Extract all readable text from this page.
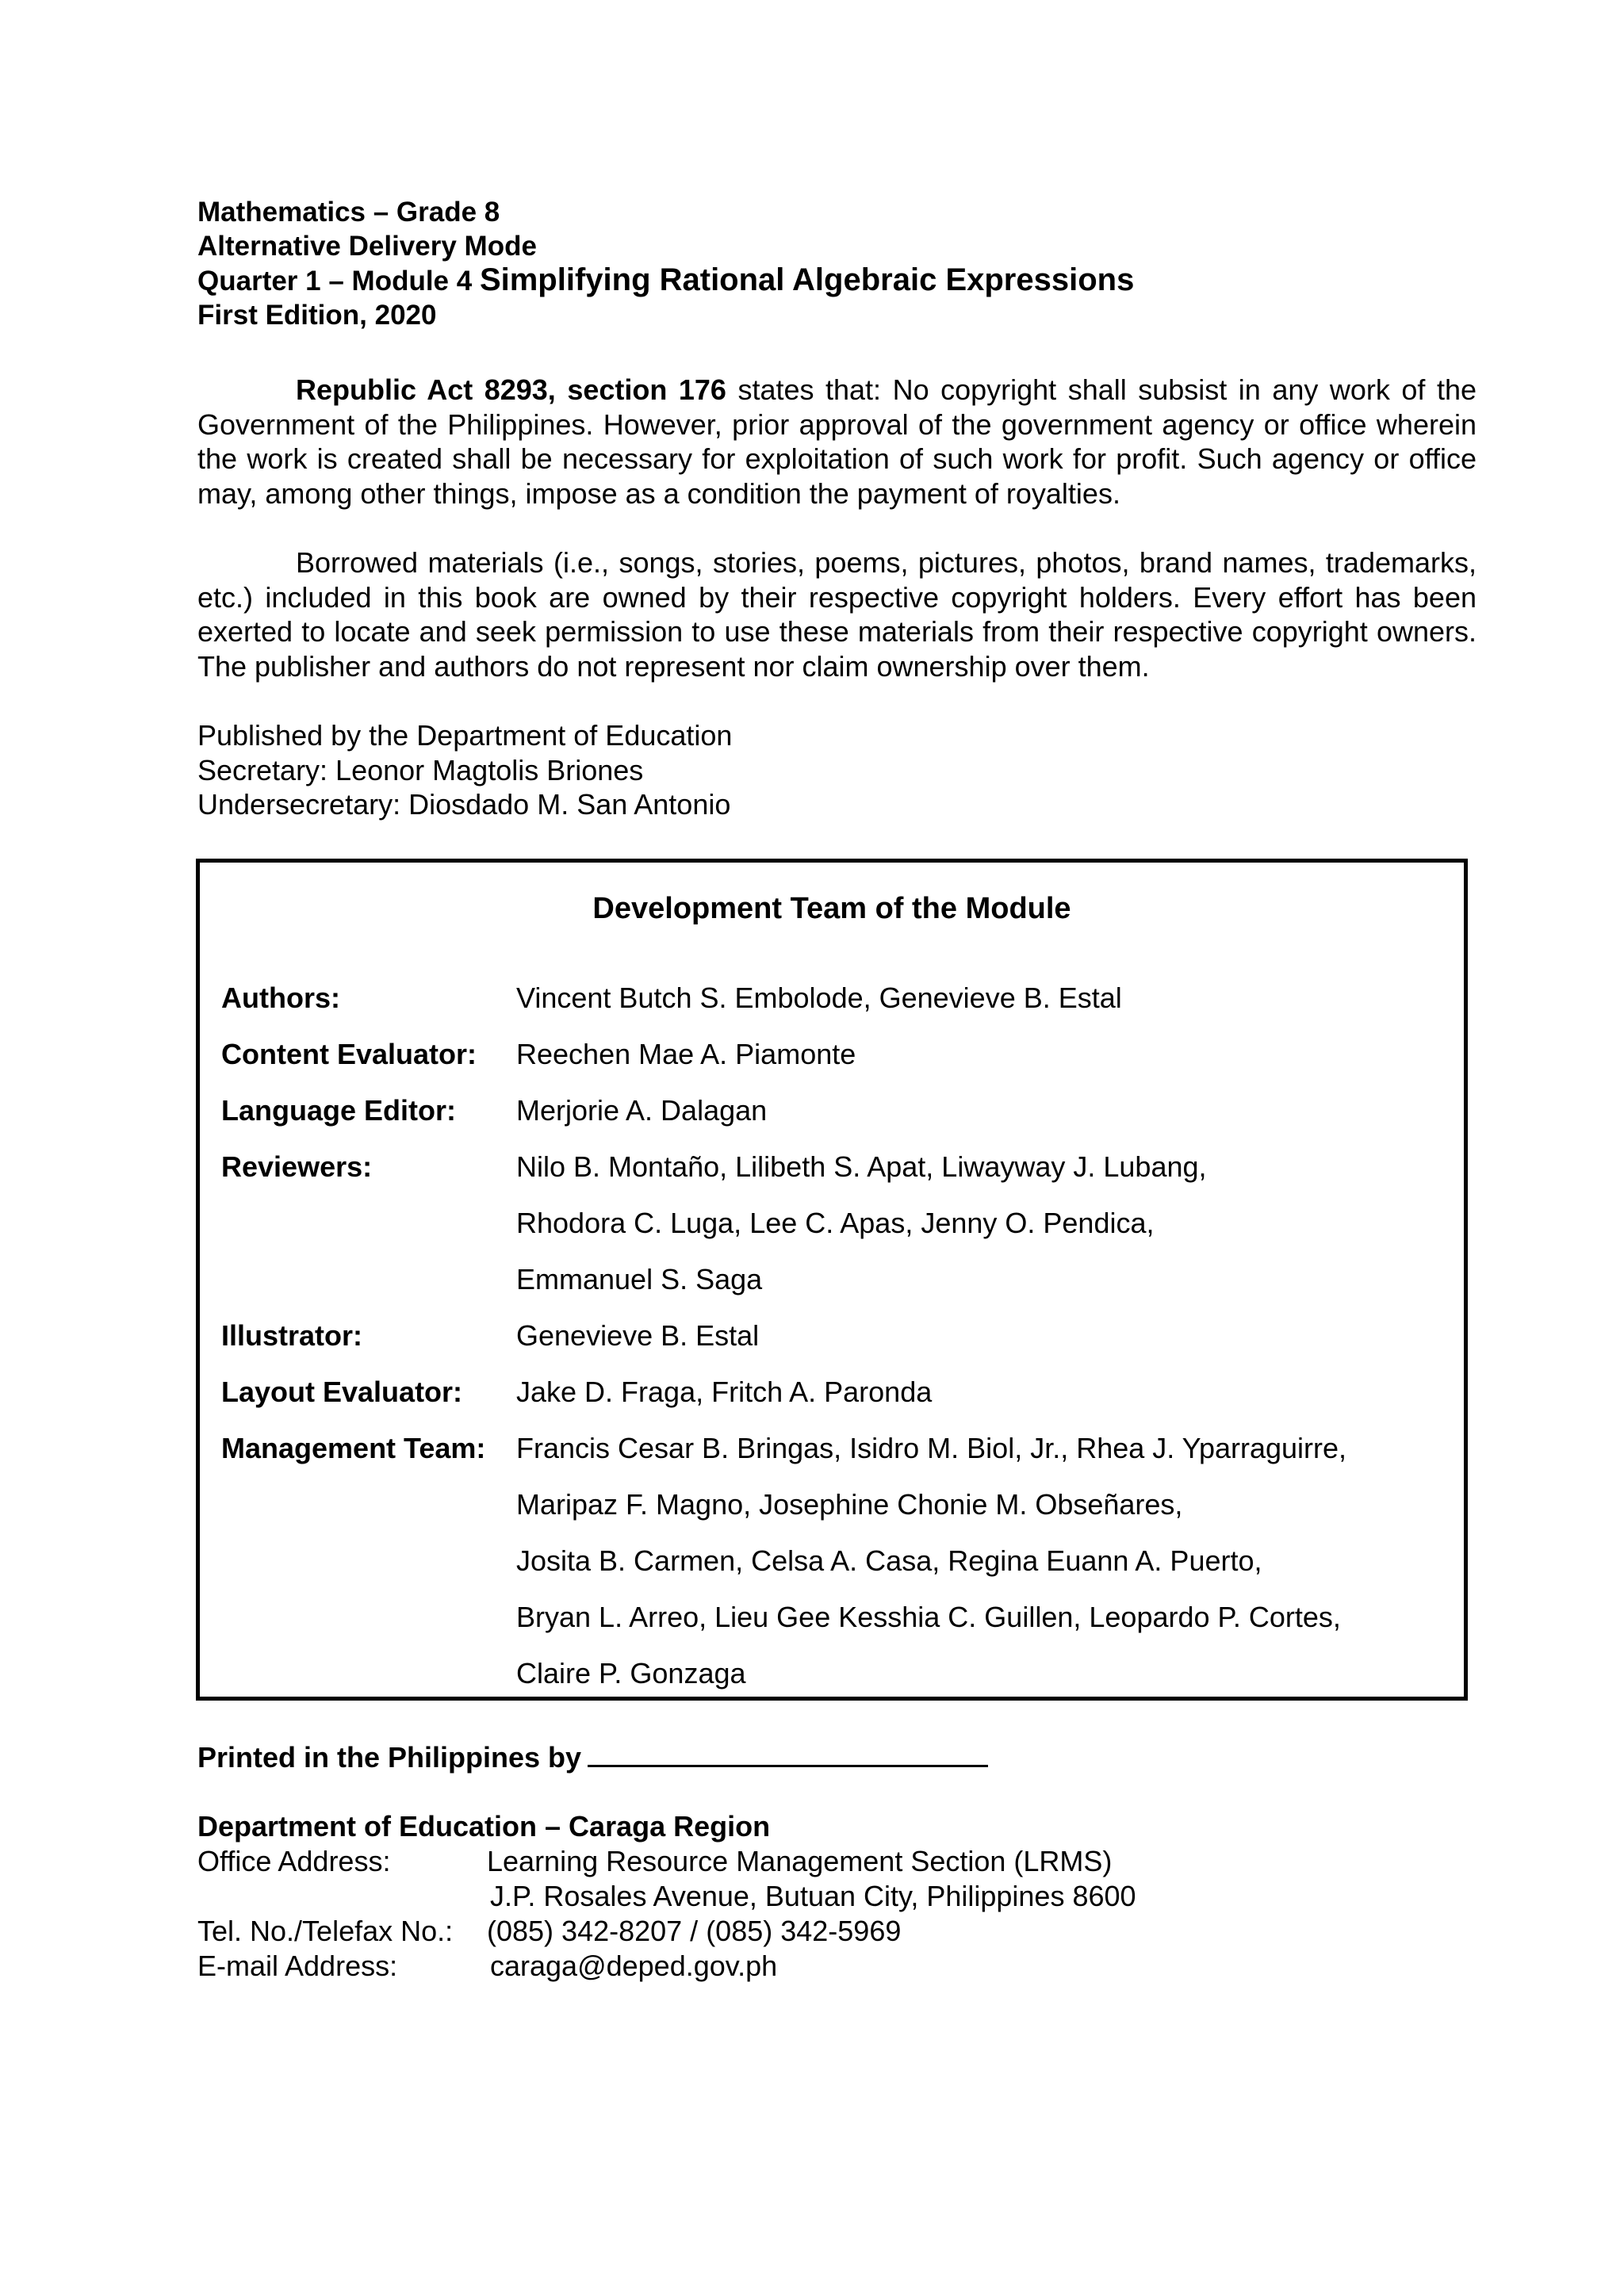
Mathematics – Grade 8
Alternative Delivery Mode
Quarter 1 – Module 4 Simplifying Rational Algebraic Expressions
First Edition, 2020
Republic Act 8293, section 176 states that: No copyright shall subsist in any work of the Government of the Philippines. However, prior approval of the government agency or office wherein the work is created shall be necessary for exploitation of such work for profit. Such agency or office may, among other things, impose as a condition the payment of royalties.
Borrowed materials (i.e., songs, stories, poems, pictures, photos, brand names, trademarks, etc.) included in this book are owned by their respective copyright holders. Every effort has been exerted to locate and seek permission to use these materials from their respective copyright owners. The publisher and authors do not represent nor claim ownership over them.
Published by the Department of Education
Secretary: Leonor Magtolis Briones
Undersecretary: Diosdado M. San Antonio
Development Team of the Module
Authors:	Vincent Butch S. Embolode, Genevieve B. Estal
Content Evaluator: Reechen Mae A. Piamonte
Language Editor: Merjorie A. Dalagan
Reviewers:	Nilo B. Montaño, Lilibeth S. Apat, Liwayway J. Lubang,
Rhodora C. Luga, Lee C. Apas, Jenny O. Pendica,
Emmanuel S. Saga
Illustrator:	Genevieve B. Estal
Layout Evaluator: Jake D. Fraga, Fritch A. Paronda
Management Team: Francis Cesar B. Bringas, Isidro M. Biol, Jr., Rhea J. Yparraguirre,
Maripaz F. Magno, Josephine Chonie M. Obseñares,
Josita B. Carmen, Celsa A. Casa, Regina Euann A. Puerto,
Bryan L. Arreo, Lieu Gee Kesshia C. Guillen, Leopardo P. Cortes,
Claire P. Gonzaga
Printed in the Philippines by
Department of Education – Caraga Region
Office Address:	Learning Resource Management Section (LRMS)
J.P. Rosales Avenue, Butuan City, Philippines 8600
Tel. No./Telefax No.: (085) 342-8207 / (085) 342-5969
E-mail Address:	caraga@deped.gov.ph
